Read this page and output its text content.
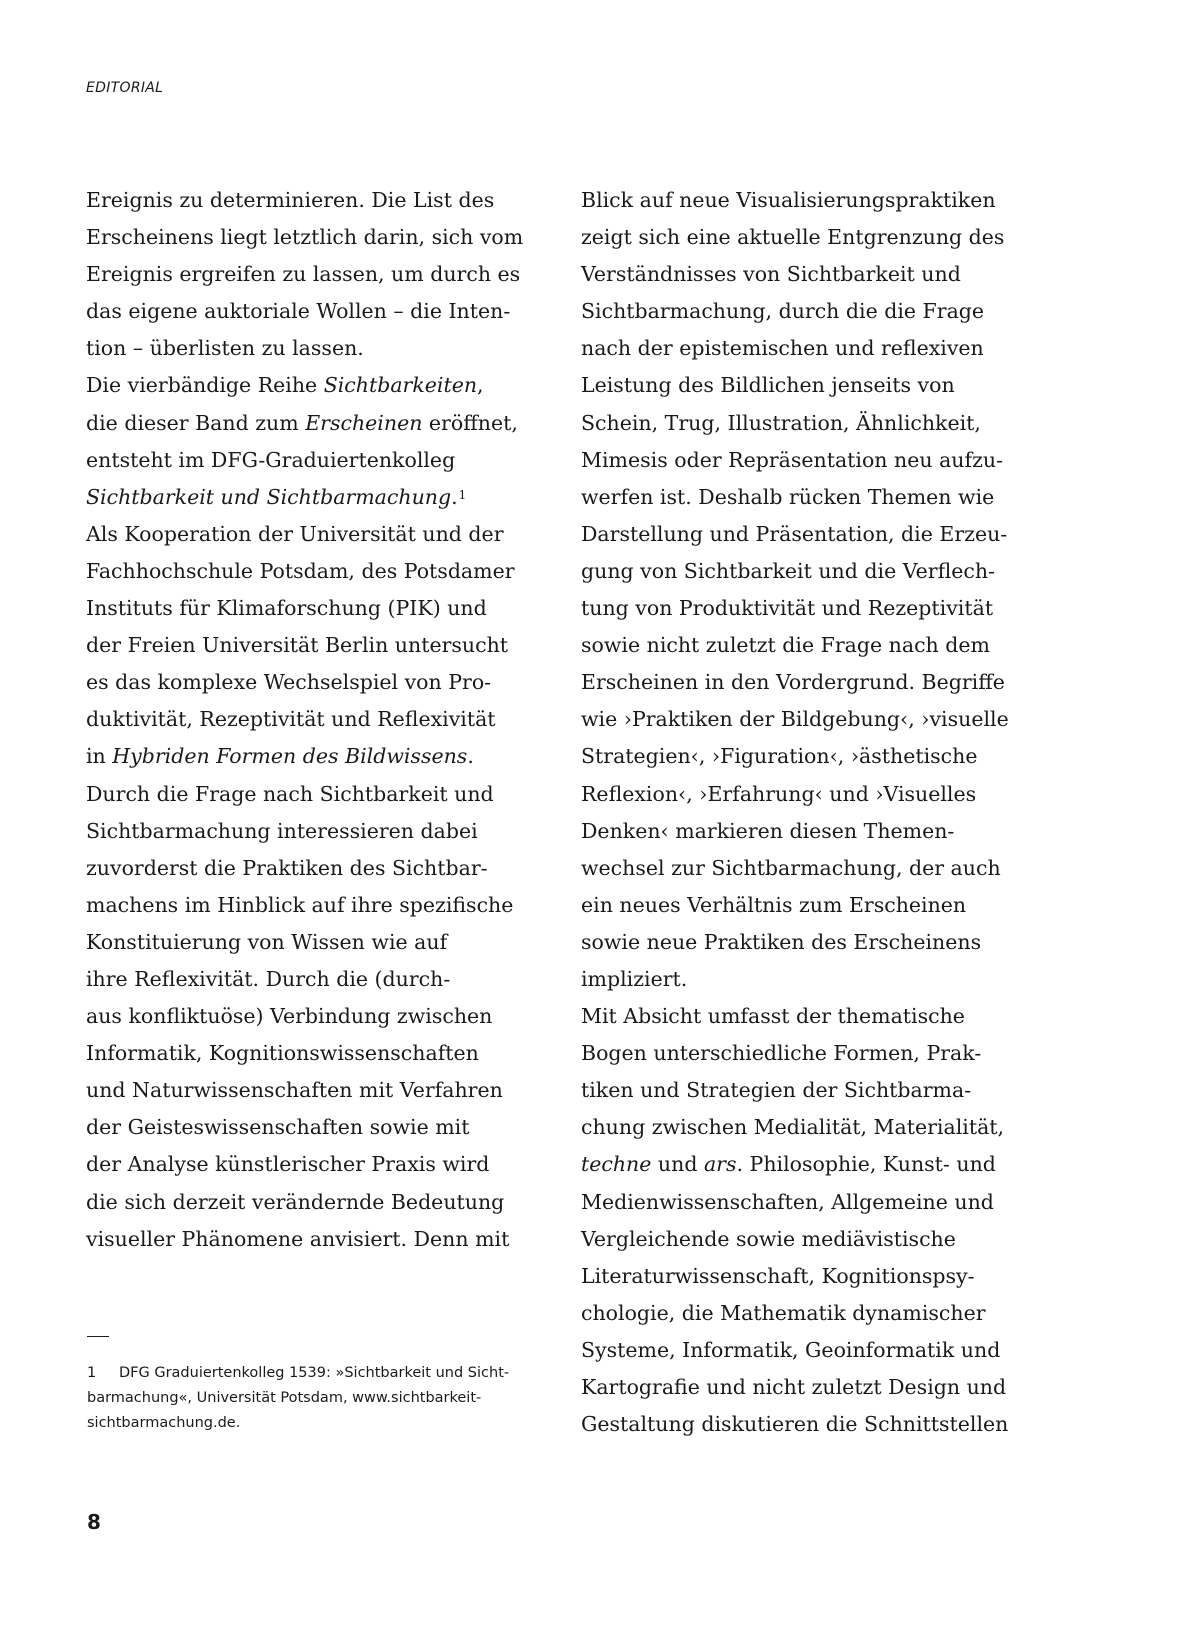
EDITORIAL
Ereignis zu determinieren. Die List des
Erscheinens liegt letztlich darin, sich vom
Ereignis ergreifen zu lassen, um durch es
das eigene auktoriale Wollen – die Inten-
tion – überlisten zu lassen.
Die vierbändige Reihe Sichtbarkeiten,
die dieser Band zum Erscheinen eröffnet,
entsteht im DFG-Graduiertenkolleg
Sichtbarkeit und Sichtbarmachung.$^1$
Als Kooperation der Universität und der
Fachhochschule Potsdam, des Potsdamer
Instituts für Klimaforschung (PIK) und
der Freien Universität Berlin untersucht
es das komplexe Wechselspiel von Pro-
duktivität, Rezeptivität und Reflexivität
in Hybriden Formen des Bildwissens.
Durch die Frage nach Sichtbarkeit und
Sichtbarmachung interessieren dabei
zuvorderst die Praktiken des Sichtbar-
machens im Hinblick auf ihre spezifische
Konstituierung von Wissen wie auf
ihre Reflexivität. Durch die (durch-
aus konfliktuöse) Verbindung zwischen
Informatik, Kognitionswissenschaften
und Naturwissenschaften mit Verfahren
der Geisteswissenschaften sowie mit
der Analyse künstlerischer Praxis wird
die sich derzeit verändernde Bedeutung
visueller Phänomene anvisiert. Denn mit
Blick auf neue Visualisierungspraktiken
zeigt sich eine aktuelle Entgrenzung des
Verständnisses von Sichtbarkeit und
Sichtbarmachung, durch die die Frage
nach der epistemischen und reflexiven
Leistung des Bildlichen jenseits von
Schein, Trug, Illustration, Ähnlichkeit,
Mimesis oder Repräsentation neu aufzu-
werfen ist. Deshalb rücken Themen wie
Darstellung und Präsentation, die Erzeu-
gung von Sichtbarkeit und die Verflech-
tung von Produktivität und Rezeptivität
sowie nicht zuletzt die Frage nach dem
Erscheinen in den Vordergrund. Begriffe
wie ›Praktiken der Bildgebung‹, ›visuelle
Strategien‹, ›Figuration‹, ›ästhetische
Reflexion‹, ›Erfahrung‹ und ›Visuelles
Denken‹ markieren diesen Themen-
wechsel zur Sichtbarmachung, der auch
ein neues Verhältnis zum Erscheinen
sowie neue Praktiken des Erscheinens
impliziert.
Mit Absicht umfasst der thematische
Bogen unterschiedliche Formen, Prak-
tiken und Strategien der Sichtbarma-
chung zwischen Medialität, Materialität,
techne und ars. Philosophie, Kunst- und
Medienwissenschaften, Allgemeine und
Vergleichende sowie mediävistische
Literaturwissenschaft, Kognitionspsy-
chologie, die Mathematik dynamischer
Systeme, Informatik, Geoinformatik und
Kartografie und nicht zuletzt Design und
Gestaltung diskutieren die Schnittstellen
1 DFG Graduiertenkolleg 1539: »Sichtbarkeit und Sicht-
barmachung«, Universität Potsdam, www.sichtbarkeit-
sichtbarmachung.de.
8
